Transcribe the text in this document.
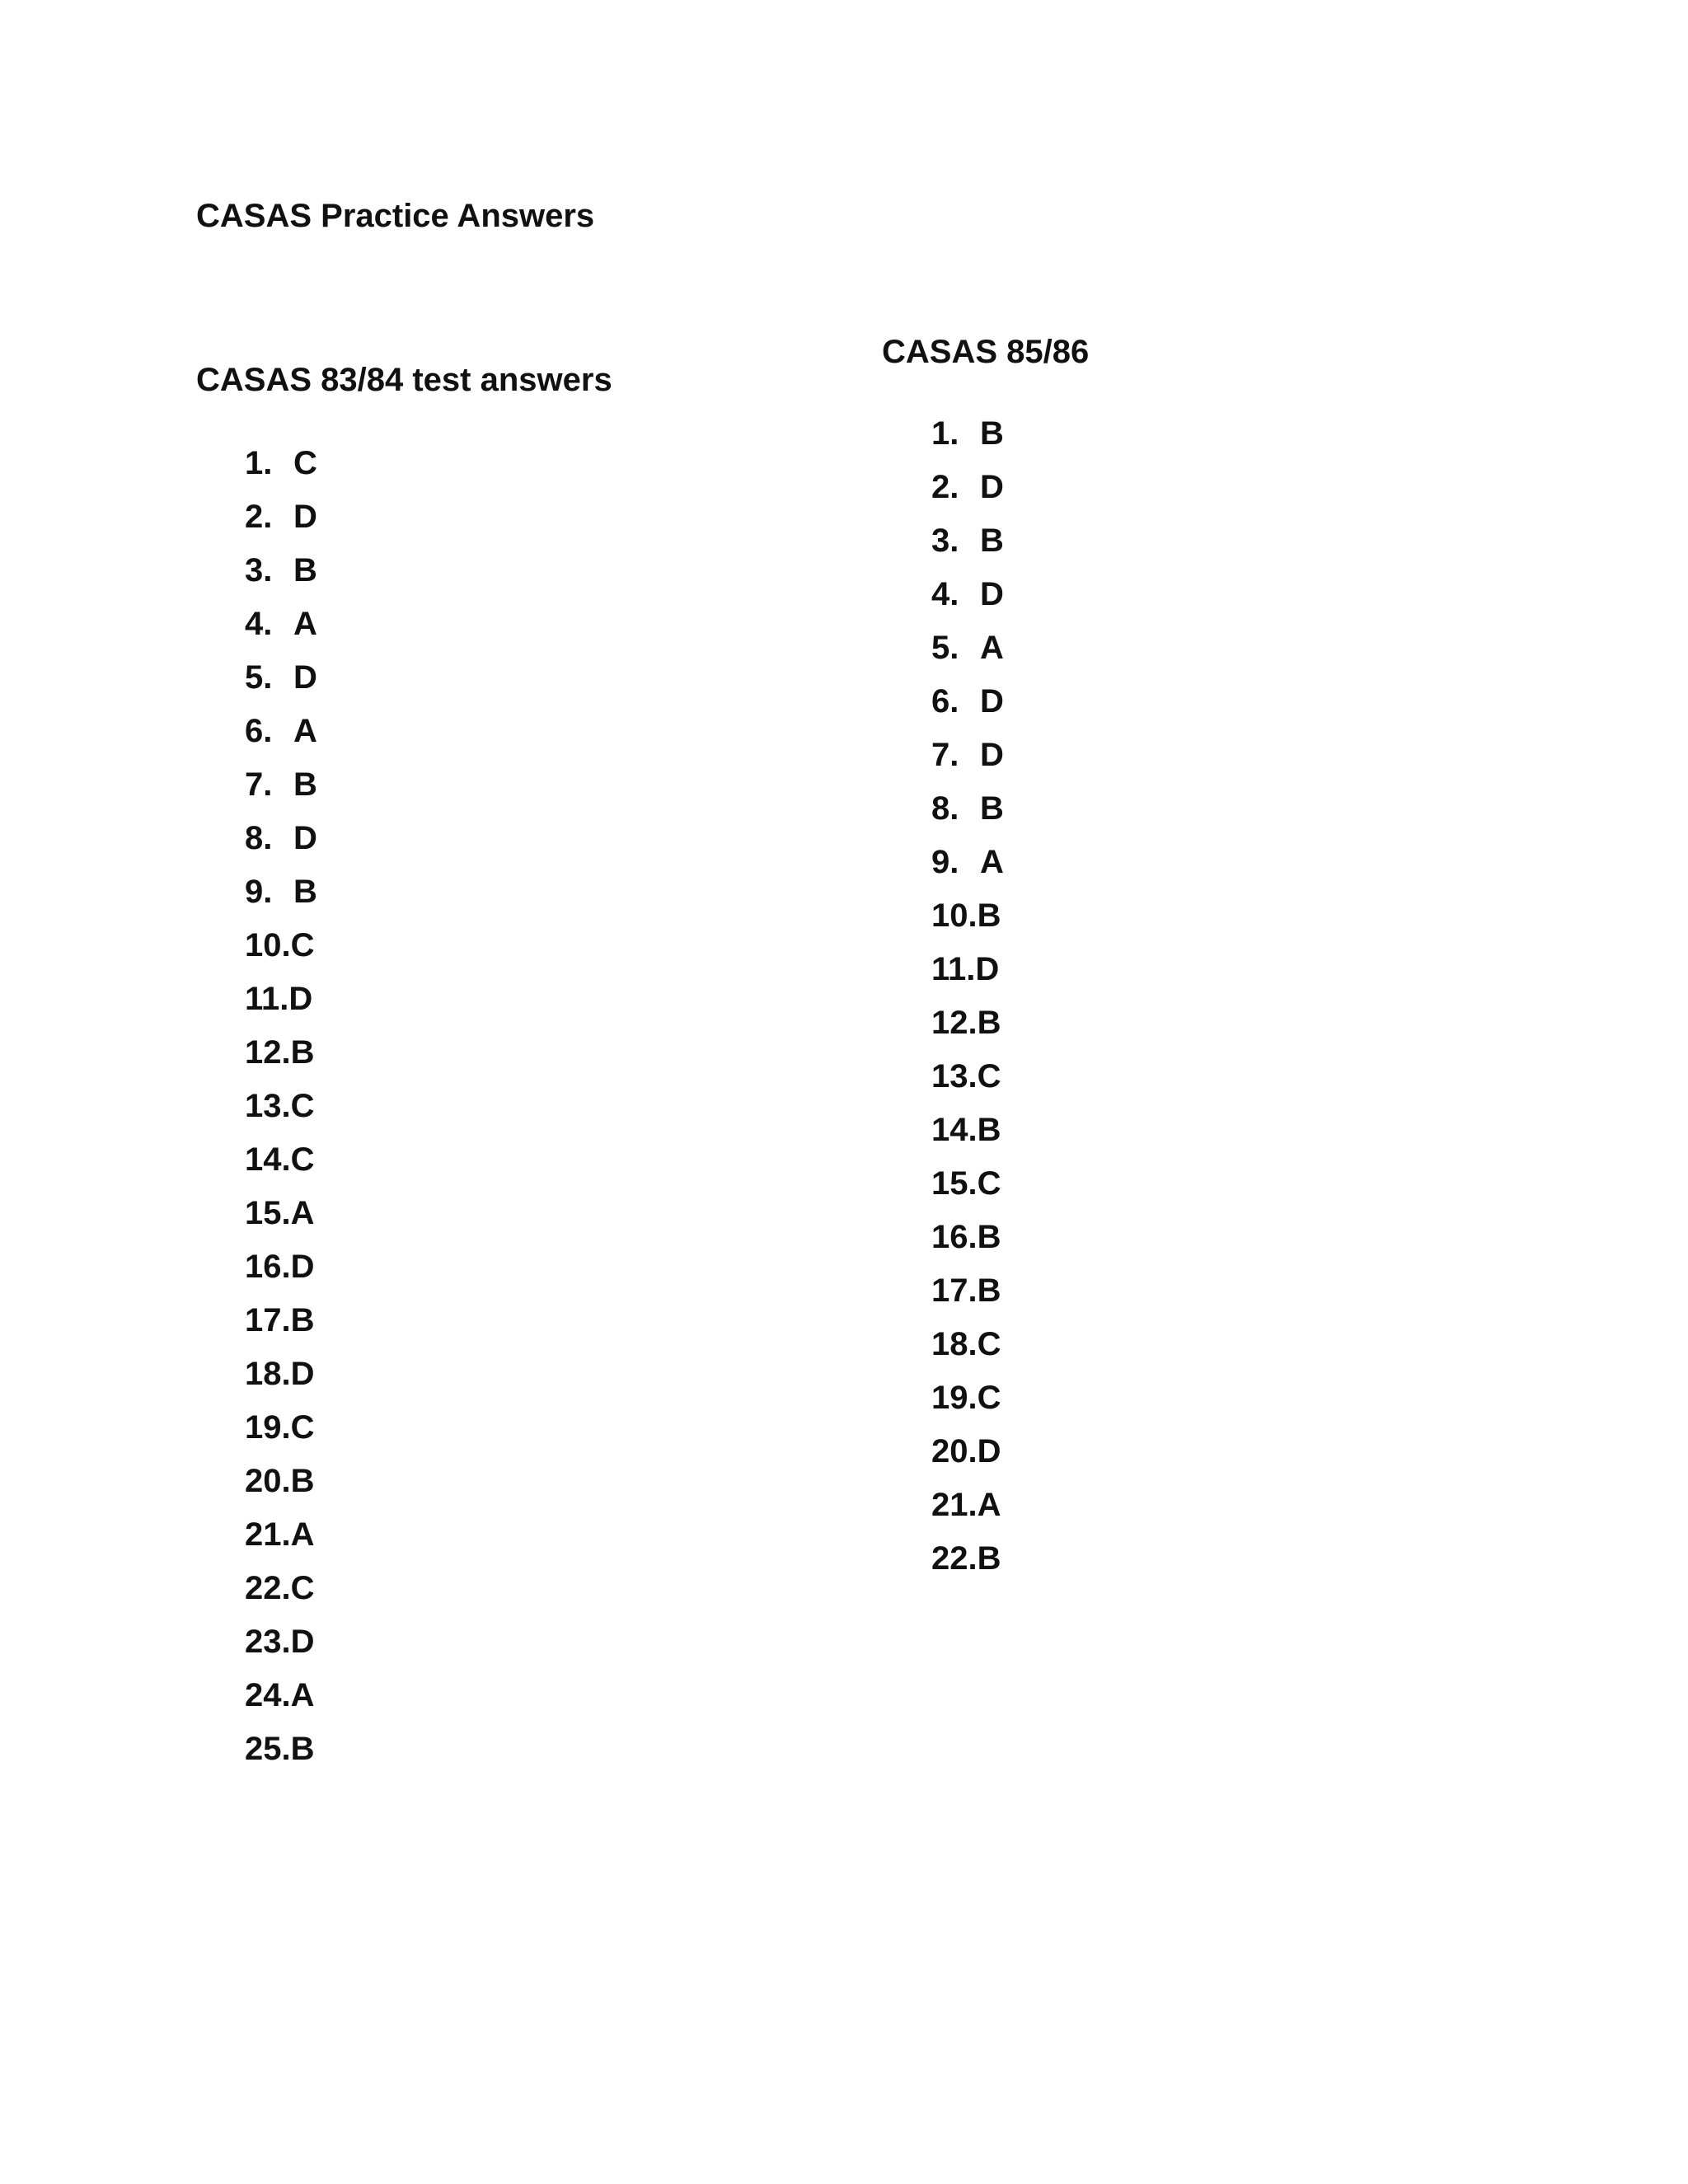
CASAS Practice Answers
CASAS 83/84 test answers
1. C
2. D
3. B
4. A
5. D
6. A
7. B
8. D
9. B
10.C
11.D
12.B
13.C
14.C
15.A
16.D
17.B
18.D
19.C
20.B
21.A
22.C
23.D
24.A
25.B
CASAS 85/86
1. B
2. D
3. B
4. D
5. A
6. D
7. D
8. B
9. A
10.B
11.D
12.B
13.C
14.B
15.C
16.B
17.B
18.C
19.C
20.D
21.A
22.B
